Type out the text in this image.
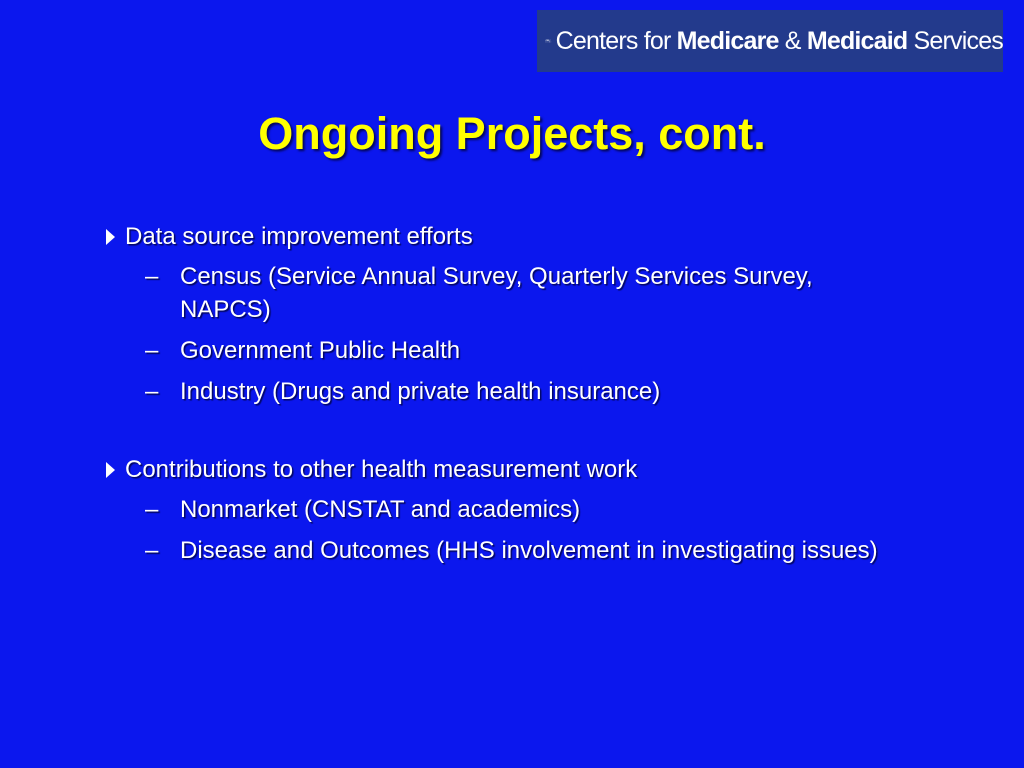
CMS Centers for Medicare & Medicaid Services
Ongoing Projects, cont.
Data source improvement efforts
– Census (Service Annual Survey, Quarterly Services Survey, NAPCS)
– Government Public Health
– Industry (Drugs and private health insurance)
Contributions to other health measurement work
– Nonmarket (CNSTAT and academics)
– Disease and Outcomes (HHS involvement in investigating issues)
